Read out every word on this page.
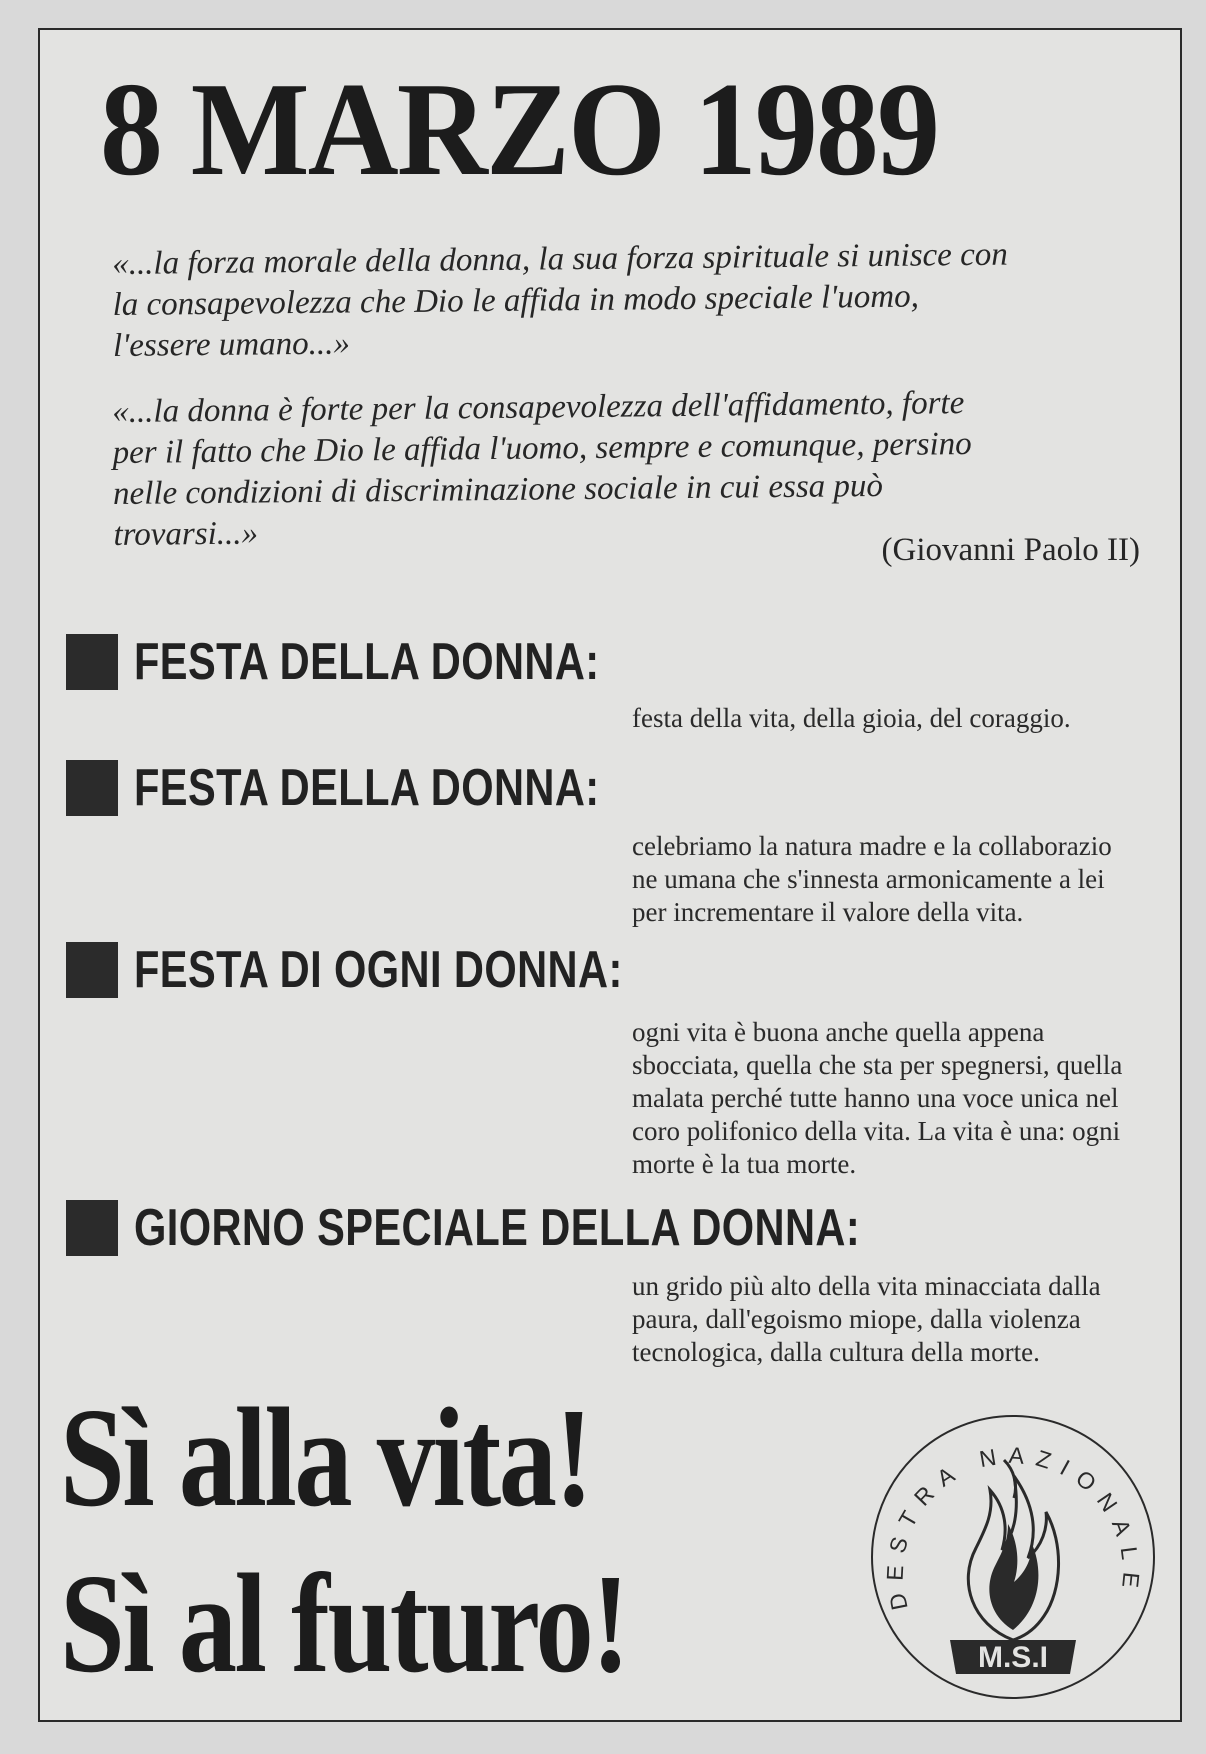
8 MARZO 1989

«...la forza morale della donna, la sua forza spirituale si unisce con la consapevolezza che Dio le affida in modo speciale l'uomo, l'essere umano...»

«...la donna è forte per la consapevolezza dell'affidamento, forte per il fatto che Dio le affida l'uomo, sempre e comunque, persino nelle condizioni di discriminazione sociale in cui essa può trovarsi...»	(Giovanni Paolo II)

FESTA DELLA DONNA:

festa della vita, della gioia, del coraggio.

FESTA DELLA DONNA:

celebriamo la natura madre e la collaborazio ne umana che s'innesta armonicamente a lei per incrementare il valore della vita.

FESTA DI OGNI DONNA:

ogni vita è buona anche quella appena sbocciata, quella che sta per spegnersi, quella malata perché tutte hanno una voce unica nel coro polifonico della vita. La vita è una: ogni morte è la tua morte.

GIORNO SPECIALE DELLA DONNA:

un grido più alto della vita minacciata dalla paura, dall'egoismo miope, dalla violenza tecnologica, dalla cultura della morte.

Sì alla vita!

Sì al futuro!	DESTRA NAZIONALE
M.S.I
